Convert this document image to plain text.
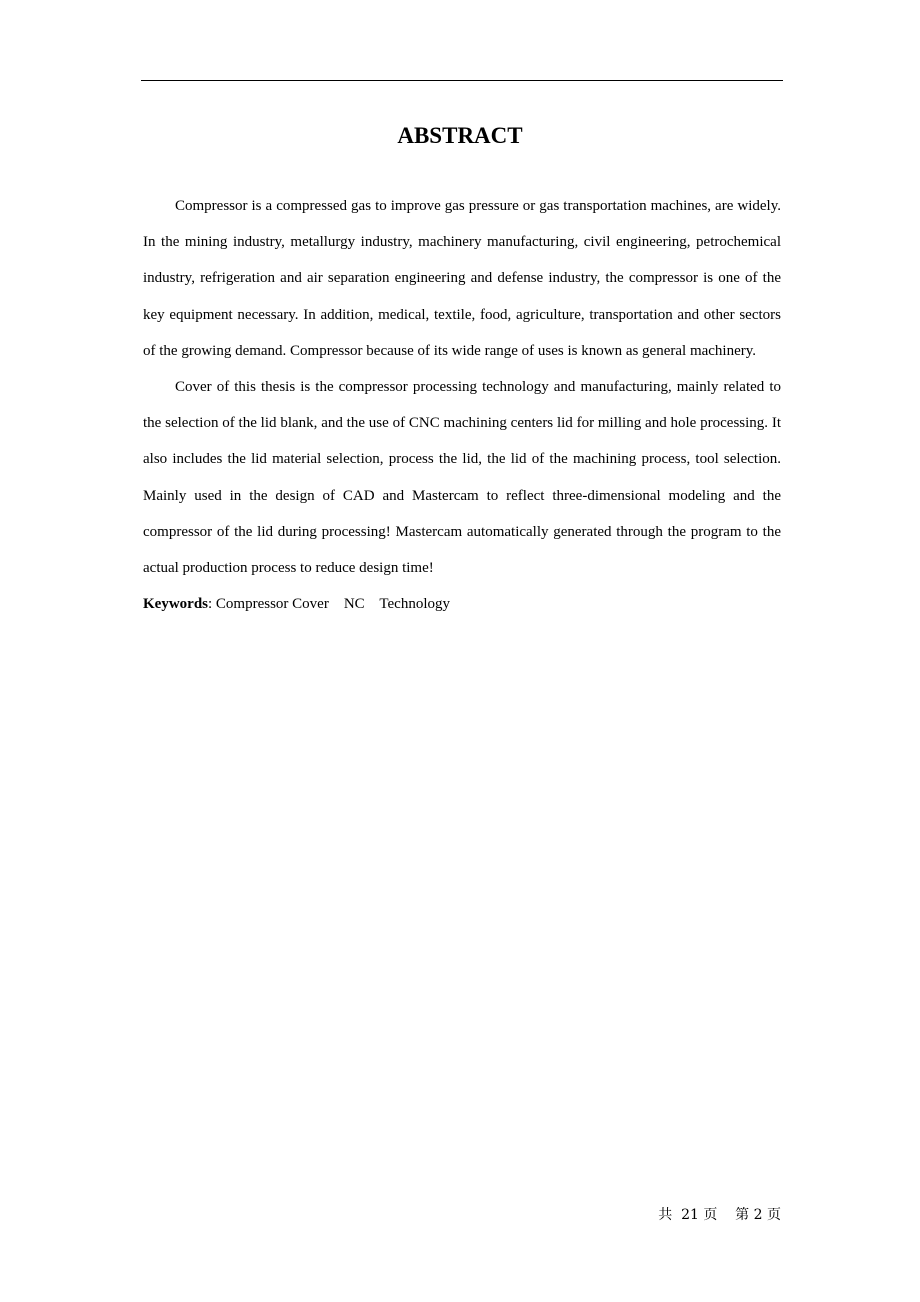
ABSTRACT

Compressor is a compressed gas to improve gas pressure or gas transportation machines, are widely. In the mining industry, metallurgy industry, machinery manufacturing, civil engineering, petrochemical industry, refrigeration and air separation engineering and defense industry, the compressor is one of the key equipment necessary. In addition, medical, textile, food, agriculture, transportation and other sectors of the growing demand. Compressor because of its wide range of uses is known as general machinery.

Cover of this thesis is the compressor processing technology and manufacturing, mainly related to the selection of the lid blank, and the use of CNC machining centers lid for milling and hole processing. It also includes the lid material selection, process the lid, the lid of the machining process, tool selection. Mainly used in the design of CAD and Mastercam to reflect three-dimensional modeling and the compressor of the lid during processing! Mastercam automatically generated through the program to the actual production process to reduce design time!

Keywords: Compressor Cover    NC    Technology

共  21 页    第 2 页
